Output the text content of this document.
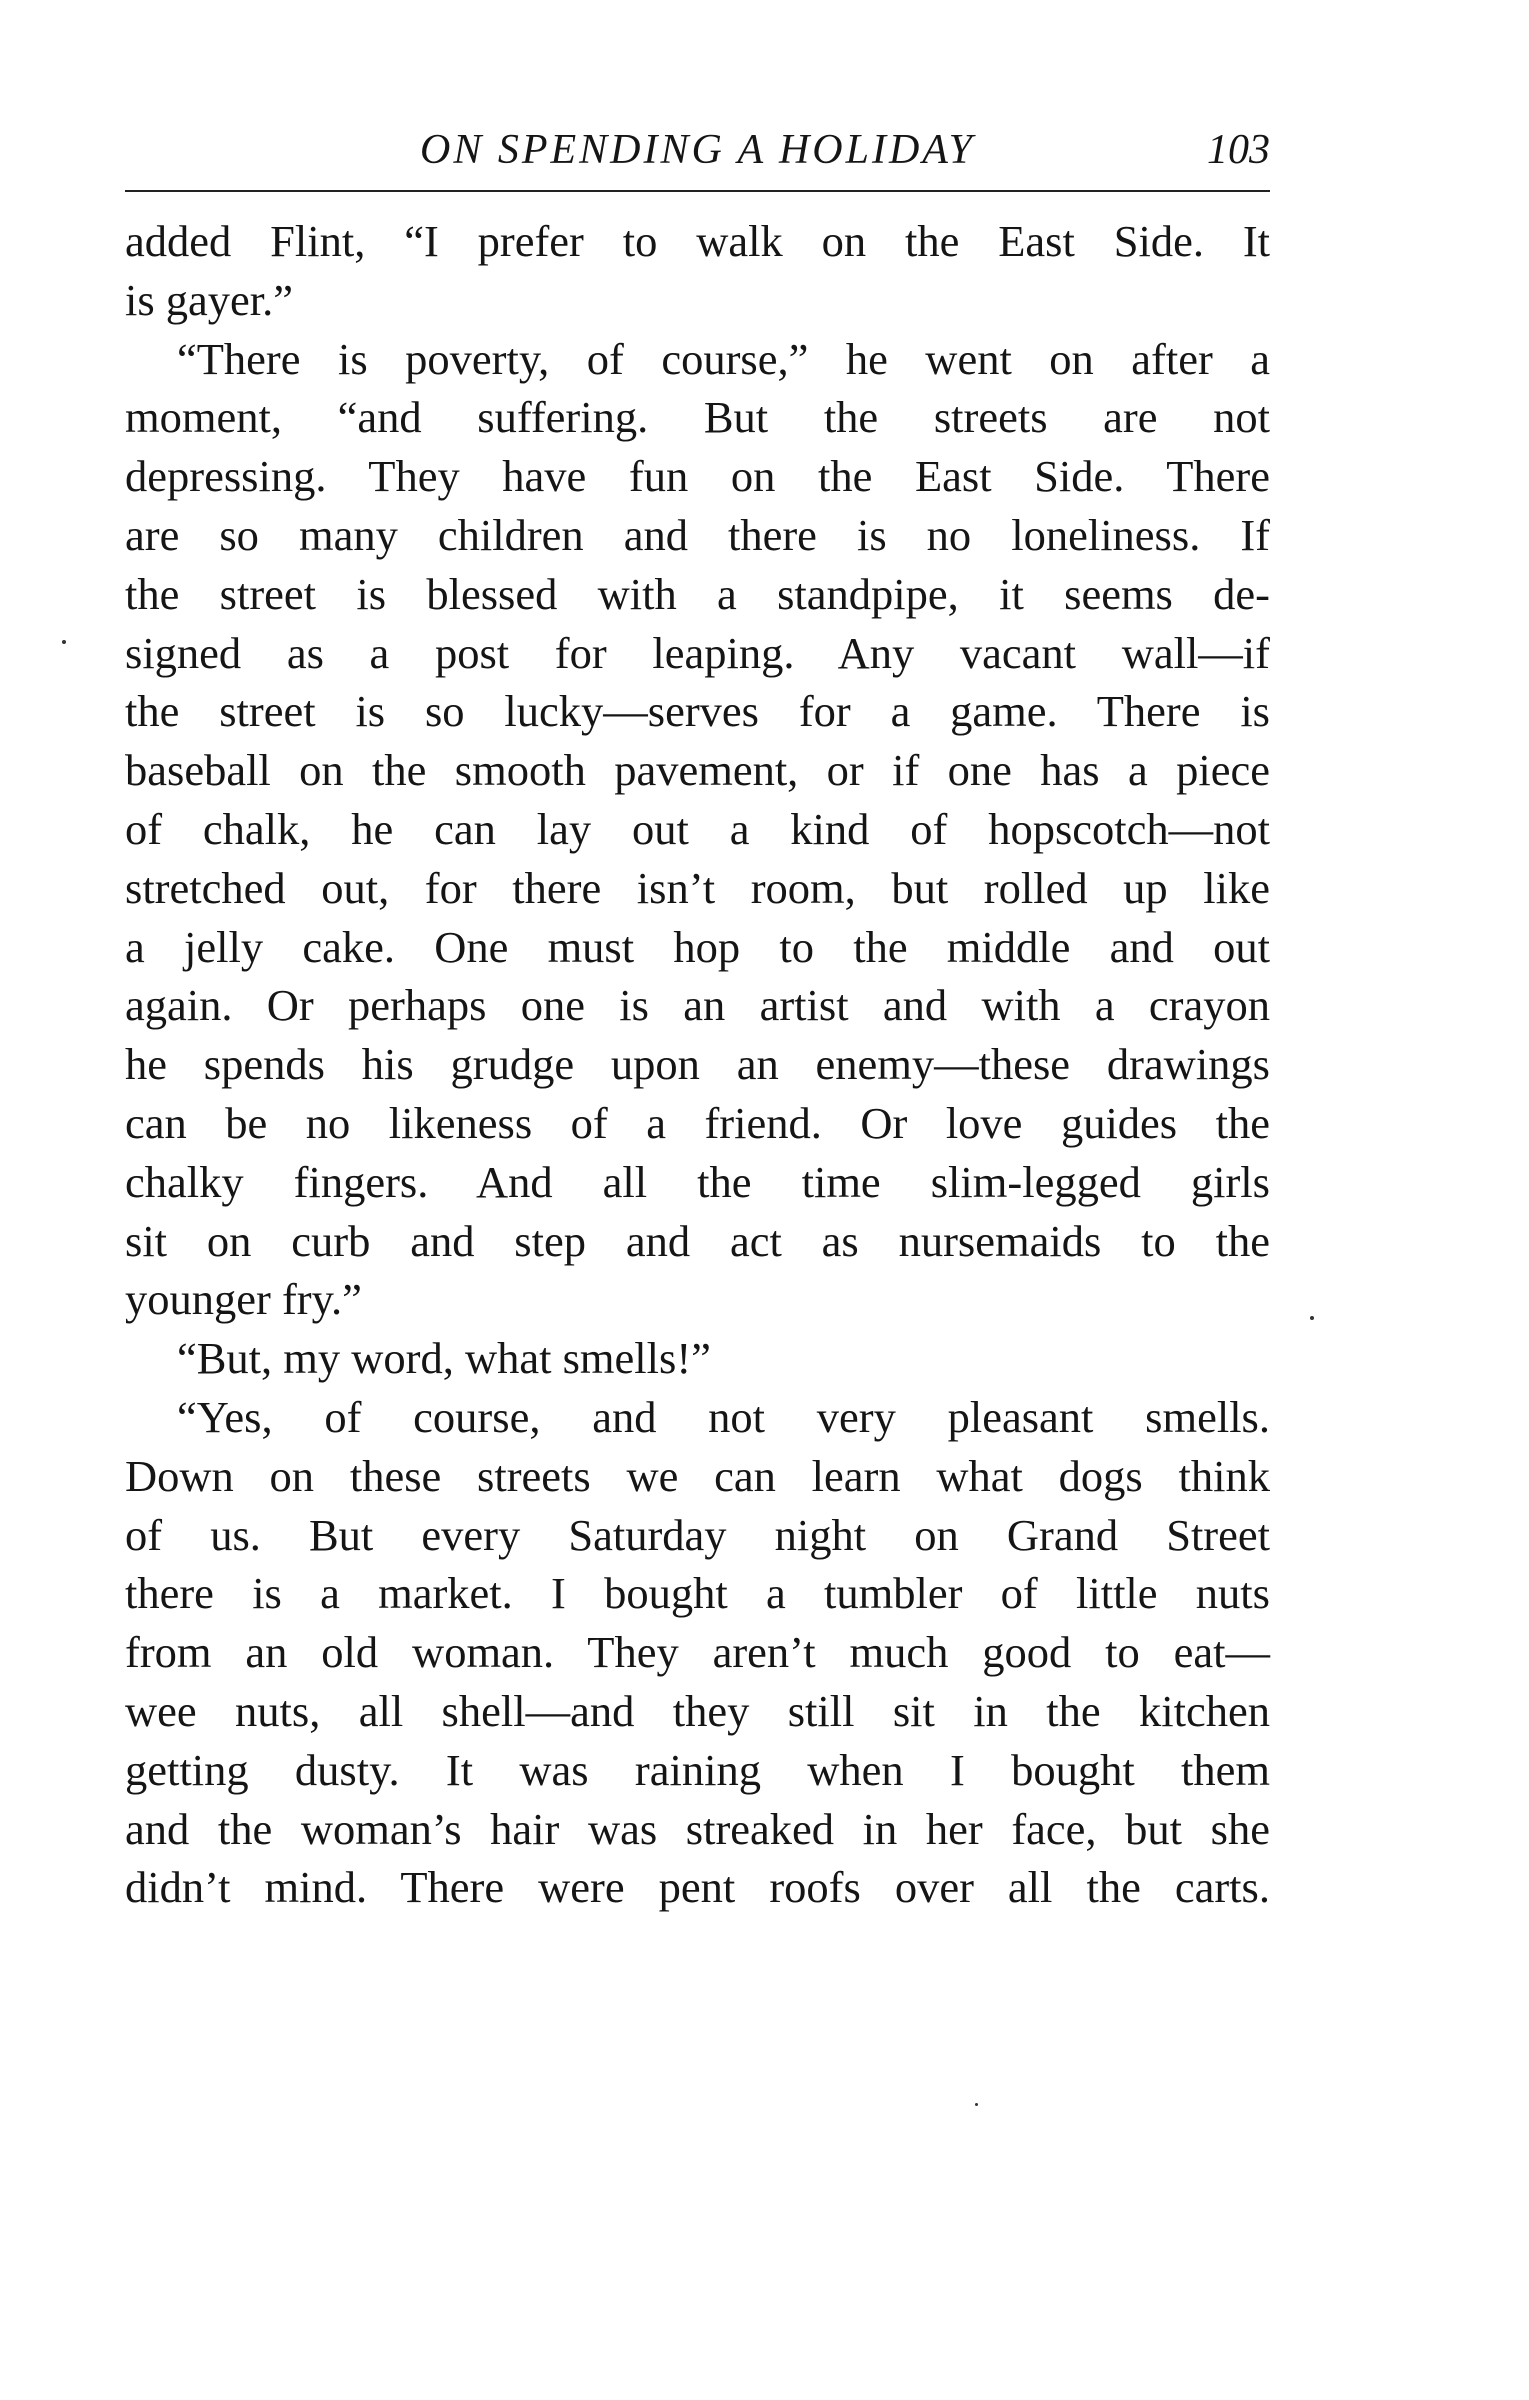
ON SPENDING A HOLIDAY	103
added Flint, “I prefer to walk on the East Side. It
is gayer.”
“There is poverty, of course,” he went on after a
moment, “and suffering. But the streets are not
depressing. They have fun on the East Side. There
are so many children and there is no loneliness. If
the street is blessed with a standpipe, it seems de-
signed as a post for leaping. Any vacant wall—if
the street is so lucky—serves for a game. There is
baseball on the smooth pavement, or if one has a piece
of chalk, he can lay out a kind of hopscotch—not
stretched out, for there isn’t room, but rolled up like
a jelly cake. One must hop to the middle and out
again. Or perhaps one is an artist and with a crayon
he spends his grudge upon an enemy—these drawings
can be no likeness of a friend. Or love guides the
chalky fingers. And all the time slim-legged girls
sit on curb and step and act as nursemaids to the
younger fry.”
“But, my word, what smells!”
“Yes, of course, and not very pleasant smells.
Down on these streets we can learn what dogs think
of us. But every Saturday night on Grand Street
there is a market. I bought a tumbler of little nuts
from an old woman. They aren’t much good to eat—
wee nuts, all shell—and they still sit in the kitchen
getting dusty. It was raining when I bought them
and the woman’s hair was streaked in her face, but she
didn’t mind. There were pent roofs over all the carts.
